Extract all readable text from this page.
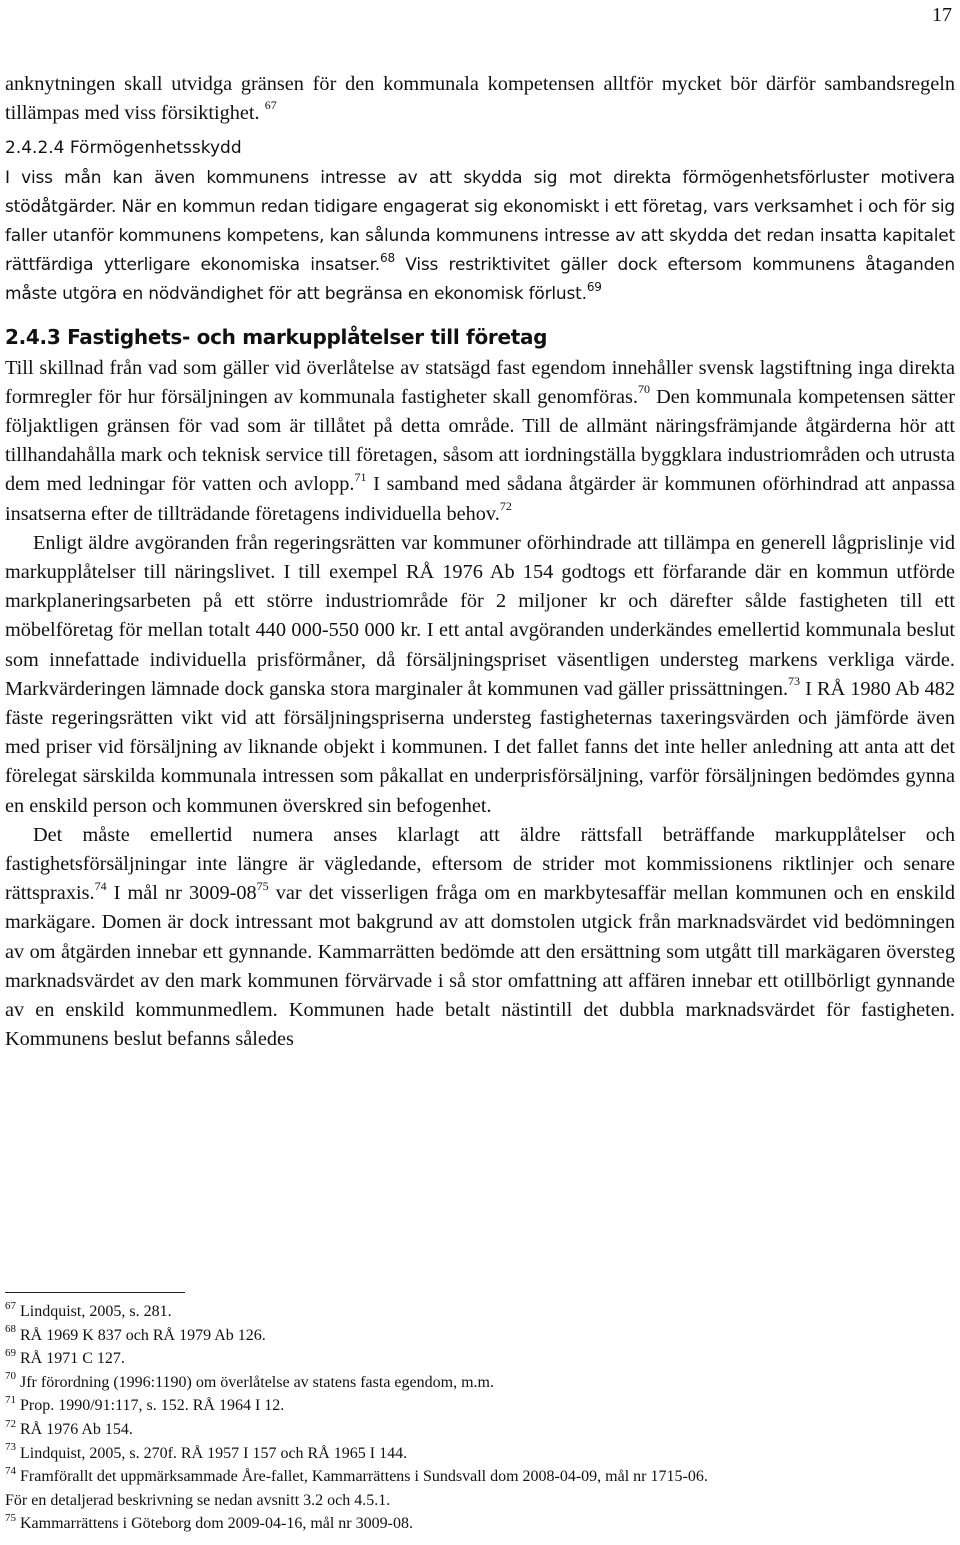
17

anknytningen skall utvidga gränsen för den kommunala kompetensen alltför mycket bör därför sambandsregeln tillämpas med viss försiktighet. $^{67}$

2.4.2.4 Förmögenhetsskydd

I viss mån kan även kommunens intresse av att skydda sig mot direkta förmögenhetsförluster motivera stödåtgärder. När en kommun redan tidigare engagerat sig ekonomiskt i ett företag, vars verksamhet i och för sig faller utanför kommunens kompetens, kan sålunda kommunens intresse av att skydda det redan insatta kapitalet rättfärdiga ytterligare ekonomiska insatser.$^{68}$ Viss restriktivitet gäller dock eftersom kommunens åtaganden måste utgöra en nödvändighet för att begränsa en ekonomisk förlust.$^{69}$

2.4.3 Fastighets- och markupplåtelser till företag

Till skillnad från vad som gäller vid överlåtelse av statsägd fast egendom innehåller svensk lagstiftning inga direkta formregler för hur försäljningen av kommunala fastigheter skall genomföras.$^{70}$ Den kommunala kompetensen sätter följaktligen gränsen för vad som är tillåtet på detta område. Till de allmänt näringsfrämjande åtgärderna hör att tillhandahålla mark och teknisk service till företagen, såsom att iordningställa byggklara industriområden och utrusta dem med ledningar för vatten och avlopp.$^{71}$ I samband med sådana åtgärder är kommunen oförhindrad att anpassa insatserna efter de tillträdande företagens individuella behov.$^{72}$

Enligt äldre avgöranden från regeringsrätten var kommuner oförhindrade att tillämpa en generell lågprislinje vid markupplåtelser till näringslivet. I till exempel RÅ 1976 Ab 154 godtogs ett förfarande där en kommun utförde markplaneringsarbeten på ett större industriområde för 2 miljoner kr och därefter sålde fastigheten till ett möbelföretag för mellan totalt 440 000-550 000 kr. I ett antal avgöranden underkändes emellertid kommunala beslut som innefattade individuella prisförmåner, då försäljningspriset väsentligen understeg markens verkliga värde. Markvärderingen lämnade dock ganska stora marginaler åt kommunen vad gäller prissättningen.$^{73}$ I RÅ 1980 Ab 482 fäste regeringsrätten vikt vid att försäljningspriserna understeg fastigheternas taxeringsvärden och jämförde även med priser vid försäljning av liknande objekt i kommunen. I det fallet fanns det inte heller anledning att anta att det förelegat särskilda kommunala intressen som påkallat en underprisförsäljning, varför försäljningen bedömdes gynna en enskild person och kommunen överskred sin befogenhet.

Det måste emellertid numera anses klarlagt att äldre rättsfall beträffande markupplåtelser och fastighetsförsäljningar inte längre är vägledande, eftersom de strider mot kommissionens riktlinjer och senare rättspraxis.$^{74}$ I mål nr $3009-08^{75}$ var det visserligen fråga om en markbytesaffär mellan kommunen och en enskild markägare. Domen är dock intressant mot bakgrund av att domstolen utgick från marknadsvärdet vid bedömningen av om åtgärden innebar ett gynnande. Kammarrätten bedömde att den ersättning som utgått till markägaren översteg marknadsvärdet av den mark kommunen förvärvade i så stor omfattning att affären innebar ett otillbörligt gynnande av en enskild kommunmedlem. Kommunen hade betalt nästintill det dubbla marknadsvärdet för fastigheten. Kommunens beslut befanns således

$^{67}$ Lindquist, 2005, s. 281.

$^{68}$ RÅ 1969 K 837 och RÅ 1979 Ab 126.

$^{69}$ RÅ 1971 C 127.

$^{70}$ Jfr förordning (1996:1190) om överlåtelse av statens fasta egendom, m.m.

$^{71}$ Prop. 1990/91:117, s. 152. RÅ 1964 I 12.

$^{72}$ RÅ 1976 Ab 154.

$^{73}$ Lindquist, 2005, s. 270f. RÅ 1957 I 157 och RÅ 1965 I 144.

$^{74}$ Framförallt det uppmärksammade Åre-fallet, Kammarrättens i Sundsvall dom 2008-04-09, mål nr 1715-06.

För en detaljerad beskrivning se nedan avsnitt 3.2 och 4.5.1.

$^{75}$ Kammarrättens i Göteborg dom 2009-04-16, mål nr 3009-08.
